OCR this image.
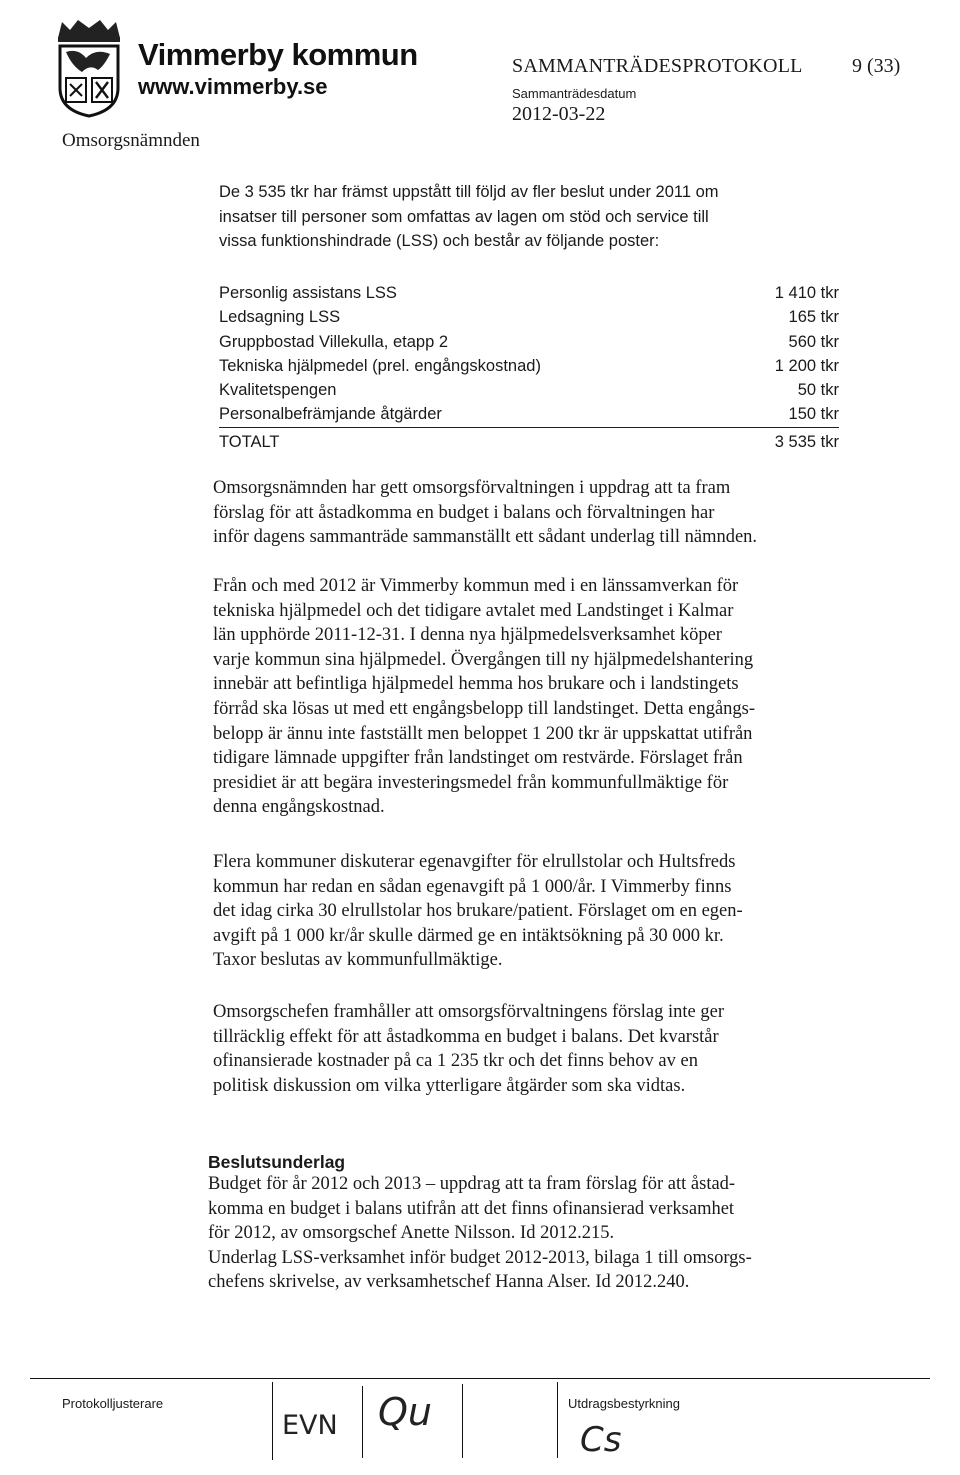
Vimmerby kommun
www.vimmerby.se
Omsorgsnämnden
SAMMANTRÄDESPROTOKOLL 9 (33)
Sammanträdesdatum
2012-03-22
De 3 535 tkr har främst uppstått till följd av fler beslut under 2011 om
insatser till personer som omfattas av lagen om stöd och service till
vissa funktionshindrade (LSS) och består av följande poster:
Personlig assistans LSS	1 410 tkr
Ledsagning LSS	165 tkr
Gruppbostad Villekulla, etapp 2	560 tkr
Tekniska hjälpmedel (prel. engångskostnad)	1 200 tkr
Kvalitetspengen	50 tkr
Personalbefrämjande åtgärder	150 tkr
TOTALT	3 535 tkr
Omsorgsnämnden har gett omsorgsförvaltningen i uppdrag att ta fram
förslag för att åstadkomma en budget i balans och förvaltningen har
inför dagens sammanträde sammanställt ett sådant underlag till nämnden.
Från och med 2012 är Vimmerby kommun med i en länssamverkan för
tekniska hjälpmedel och det tidigare avtalet med Landstinget i Kalmar
län upphörde 2011-12-31. I denna nya hjälpmedelsverksamhet köper
varje kommun sina hjälpmedel. Övergången till ny hjälpmedelshantering
innebär att befintliga hjälpmedel hemma hos brukare och i landstingets
förråd ska lösas ut med ett engångsbelopp till landstinget. Detta engångs-
belopp är ännu inte fastställt men beloppet 1 200 tkr är uppskattat utifrån
tidigare lämnade uppgifter från landstinget om restvärde. Förslaget från
presidiet är att begära investeringsmedel från kommunfullmäktige för
denna engångskostnad.
Flera kommuner diskuterar egenavgifter för elrullstolar och Hultsfreds
kommun har redan en sådan egenavgift på 1 000/år. I Vimmerby finns
det idag cirka 30 elrullstolar hos brukare/patient. Förslaget om en egen-
avgift på 1 000 kr/år skulle därmed ge en intäktsökning på 30 000 kr.
Taxor beslutas av kommunfullmäktige.
Omsorgschefen framhåller att omsorgsförvaltningens förslag inte ger
tillräcklig effekt för att åstadkomma en budget i balans. Det kvarstår
ofinansierade kostnader på ca 1 235 tkr och det finns behov av en
politisk diskussion om vilka ytterligare åtgärder som ska vidtas.
Beslutsunderlag
Budget för år 2012 och 2013 – uppdrag att ta fram förslag för att åstad-
komma en budget i balans utifrån att det finns ofinansierad verksamhet
för 2012, av omsorgschef Anette Nilsson. Id 2012.215.
Underlag LSS-verksamhet inför budget 2012-2013, bilaga 1 till omsorgs-
chefens skrivelse, av verksamhetschef Hanna Alser. Id 2012.240.
Protokolljusterare
EVN Qu	Utdragsbestyrkning
Cs
